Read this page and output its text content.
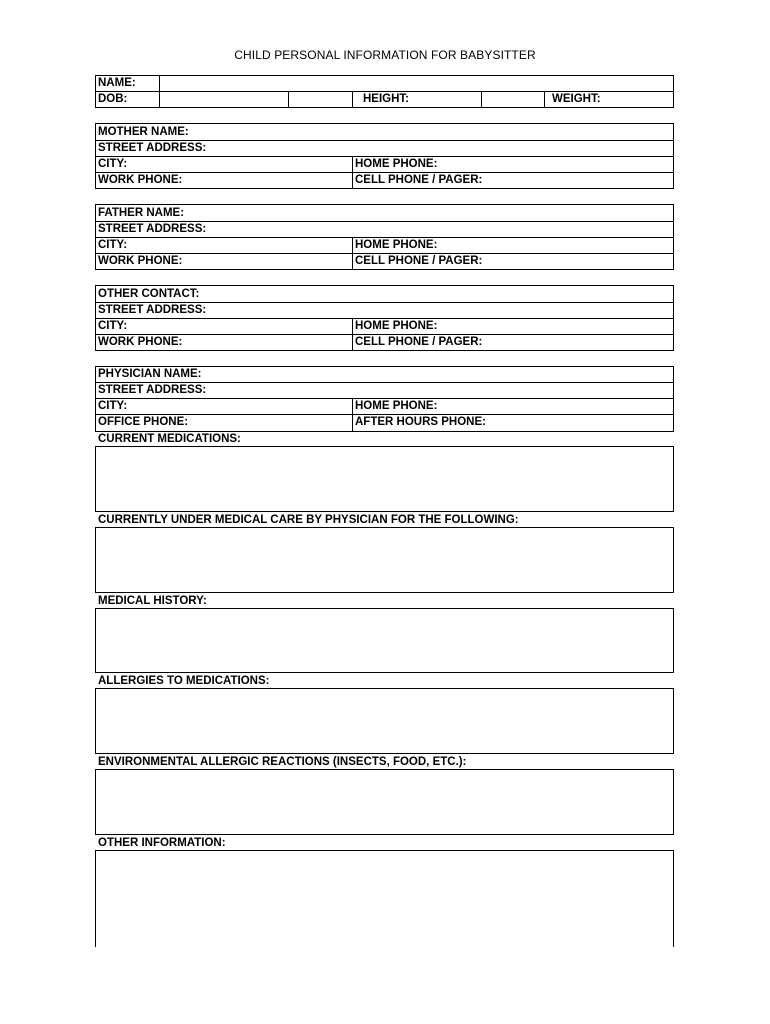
CHILD PERSONAL INFORMATION FOR BABYSITTER
NAME:
DOB:	HEIGHT:	WEIGHT:
MOTHER NAME:
STREET ADDRESS:
CITY:	HOME PHONE:
WORK PHONE:	CELL PHONE / PAGER:
FATHER NAME:
STREET ADDRESS:
CITY:	HOME PHONE:
WORK PHONE:	CELL PHONE / PAGER:
OTHER CONTACT:
STREET ADDRESS:
CITY:	HOME PHONE:
WORK PHONE:	CELL PHONE / PAGER:
PHYSICIAN NAME:
STREET ADDRESS:
CITY:	HOME PHONE:
OFFICE PHONE:	AFTER HOURS PHONE:
CURRENT MEDICATIONS:
CURRENTLY UNDER MEDICAL CARE BY PHYSICIAN FOR THE FOLLOWING:
MEDICAL HISTORY:
ALLERGIES TO MEDICATIONS:
ENVIRONMENTAL ALLERGIC REACTIONS (INSECTS, FOOD, ETC.):
OTHER INFORMATION:
